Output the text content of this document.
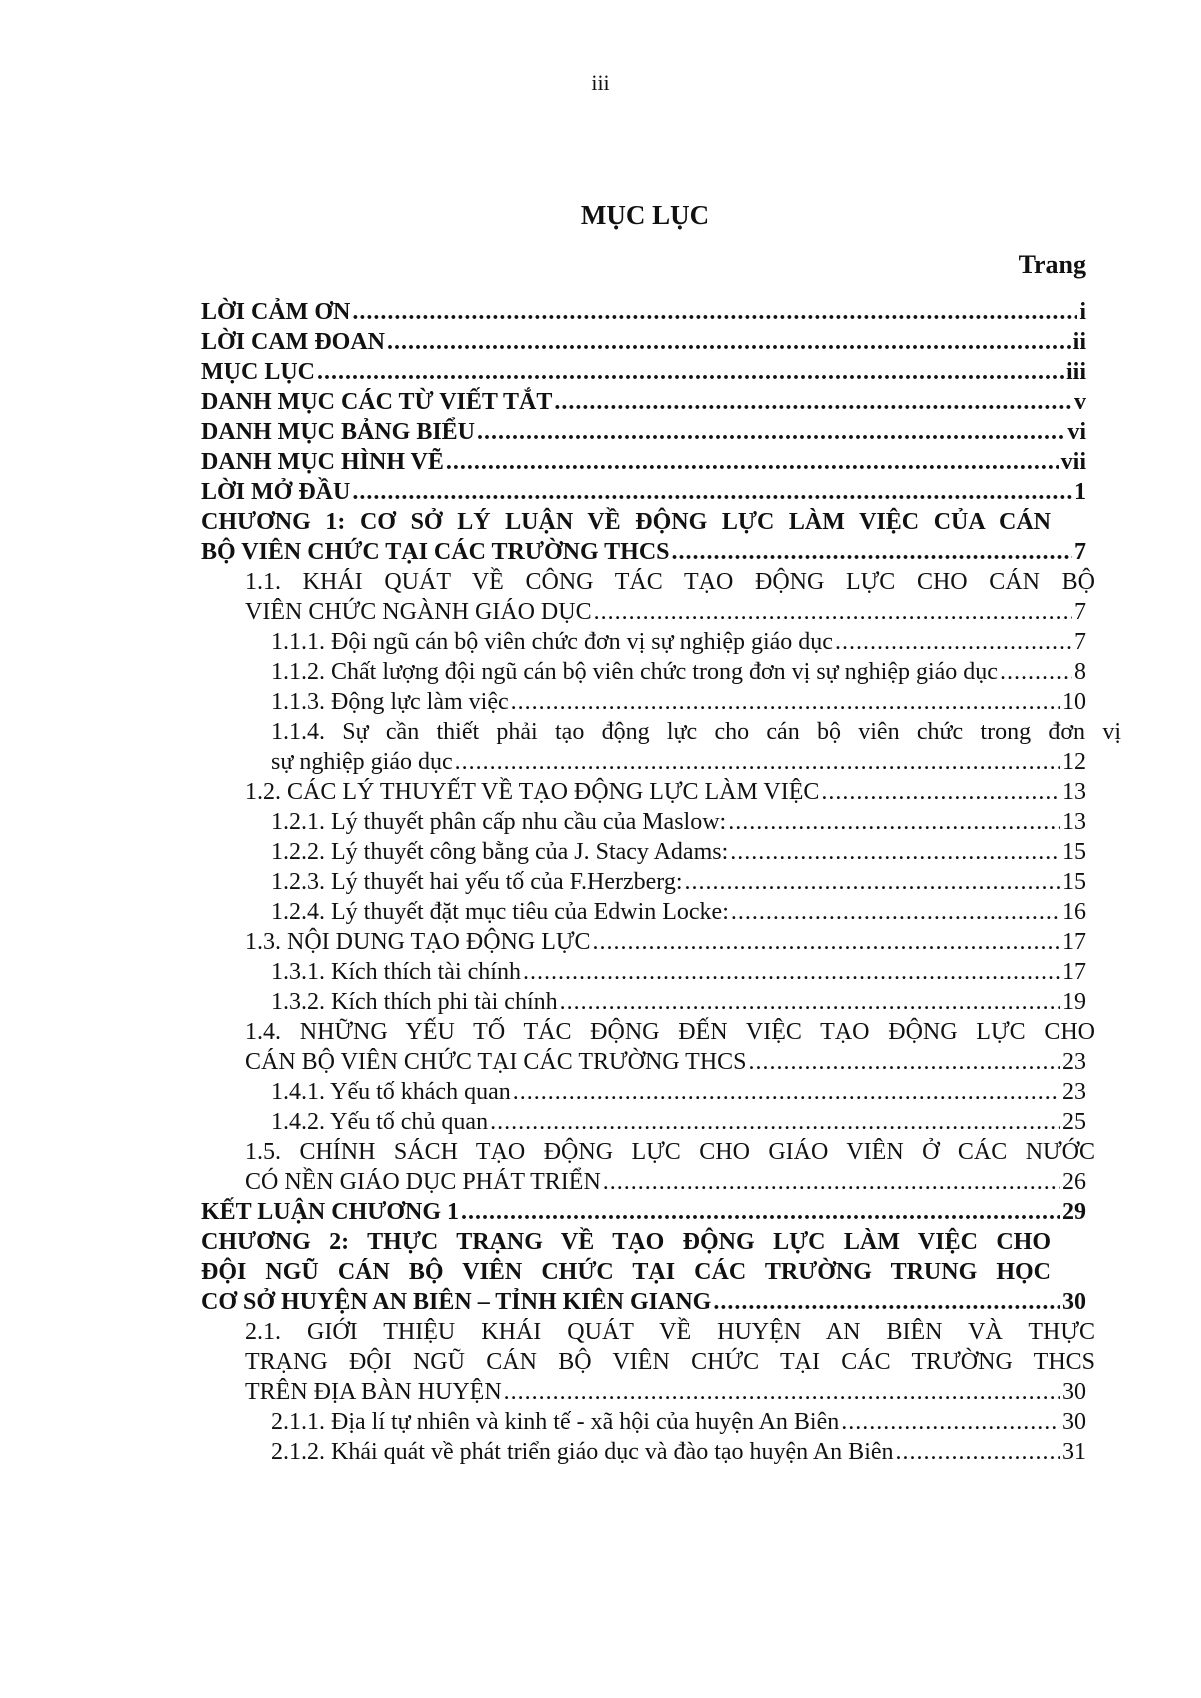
iii
MỤC LỤC
Trang
LỜI CẢM ƠN .....	i
LỜI CAM ĐOAN .....	ii
MỤC LỤC .....	iii
DANH MỤC CÁC TỪ VIẾT TẮT .....	v
DANH MỤC BẢNG BIỂU .....	vi
DANH MỤC HÌNH VẼ .....	vii
LỜI MỞ ĐẦU .....	1
CHƯƠNG 1: CƠ SỞ LÝ LUẬN VỀ ĐỘNG LỰC LÀM VIỆC CỦA CÁN
BỘ VIÊN CHỨC TẠI CÁC TRƯỜNG THCS .....	7
1.1. KHÁI QUÁT VỀ CÔNG TÁC TẠO ĐỘNG LỰC CHO CÁN BỘ
VIÊN CHỨC NGÀNH GIÁO DỤC .....	7
1.1.1. Đội ngũ cán bộ viên chức đơn vị sự nghiệp giáo dục .....	7
1.1.2. Chất lượng đội ngũ cán bộ viên chức trong đơn vị sự nghiệp giáo dục .....	8
1.1.3. Động lực làm việc .....	10
1.1.4. Sự cần thiết phải tạo động lực cho cán bộ viên chức trong đơn vị
sự nghiệp giáo dục .....	12
1.2. CÁC LÝ THUYẾT VỀ TẠO ĐỘNG LỰC LÀM VIỆC .....	13
1.2.1. Lý thuyết phân cấp nhu cầu của Maslow: .....	13
1.2.2. Lý thuyết công bằng của J. Stacy Adams: .....	15
1.2.3. Lý thuyết hai yếu tố của F.Herzberg: .....	15
1.2.4. Lý thuyết đặt mục tiêu của Edwin Locke: .....	16
1.3. NỘI DUNG TẠO ĐỘNG LỰC .....	17
1.3.1. Kích thích tài chính .....	17
1.3.2. Kích thích phi tài chính .....	19
1.4. NHỮNG YẾU TỐ TÁC ĐỘNG ĐẾN VIỆC TẠO ĐỘNG LỰC CHO
CÁN BỘ VIÊN CHỨC TẠI CÁC TRƯỜNG THCS .....	23
1.4.1. Yếu tố khách quan .....	23
1.4.2. Yếu tố chủ quan .....	25
1.5. CHÍNH SÁCH TẠO ĐỘNG LỰC CHO GIÁO VIÊN Ở CÁC NƯỚC
CÓ NỀN GIÁO DỤC PHÁT TRIỂN .....	26
KẾT LUẬN CHƯƠNG 1 .....	29
CHƯƠNG 2: THỰC TRẠNG VỀ TẠO ĐỘNG LỰC LÀM VIỆC CHO
ĐỘI NGŨ CÁN BỘ VIÊN CHỨC TẠI CÁC TRƯỜNG TRUNG HỌC
CƠ SỞ HUYỆN AN BIÊN – TỈNH KIÊN GIANG .....	30
2.1. GIỚI THIỆU KHÁI QUÁT VỀ HUYỆN AN BIÊN VÀ THỰC
TRẠNG ĐỘI NGŨ CÁN BỘ VIÊN CHỨC TẠI CÁC TRƯỜNG THCS
TRÊN ĐỊA BÀN HUYỆN .....	30
2.1.1. Địa lí tự nhiên và kinh tế - xã hội của huyện An Biên .....	30
2.1.2. Khái quát về phát triển giáo dục và đào tạo huyện An Biên .....	31
